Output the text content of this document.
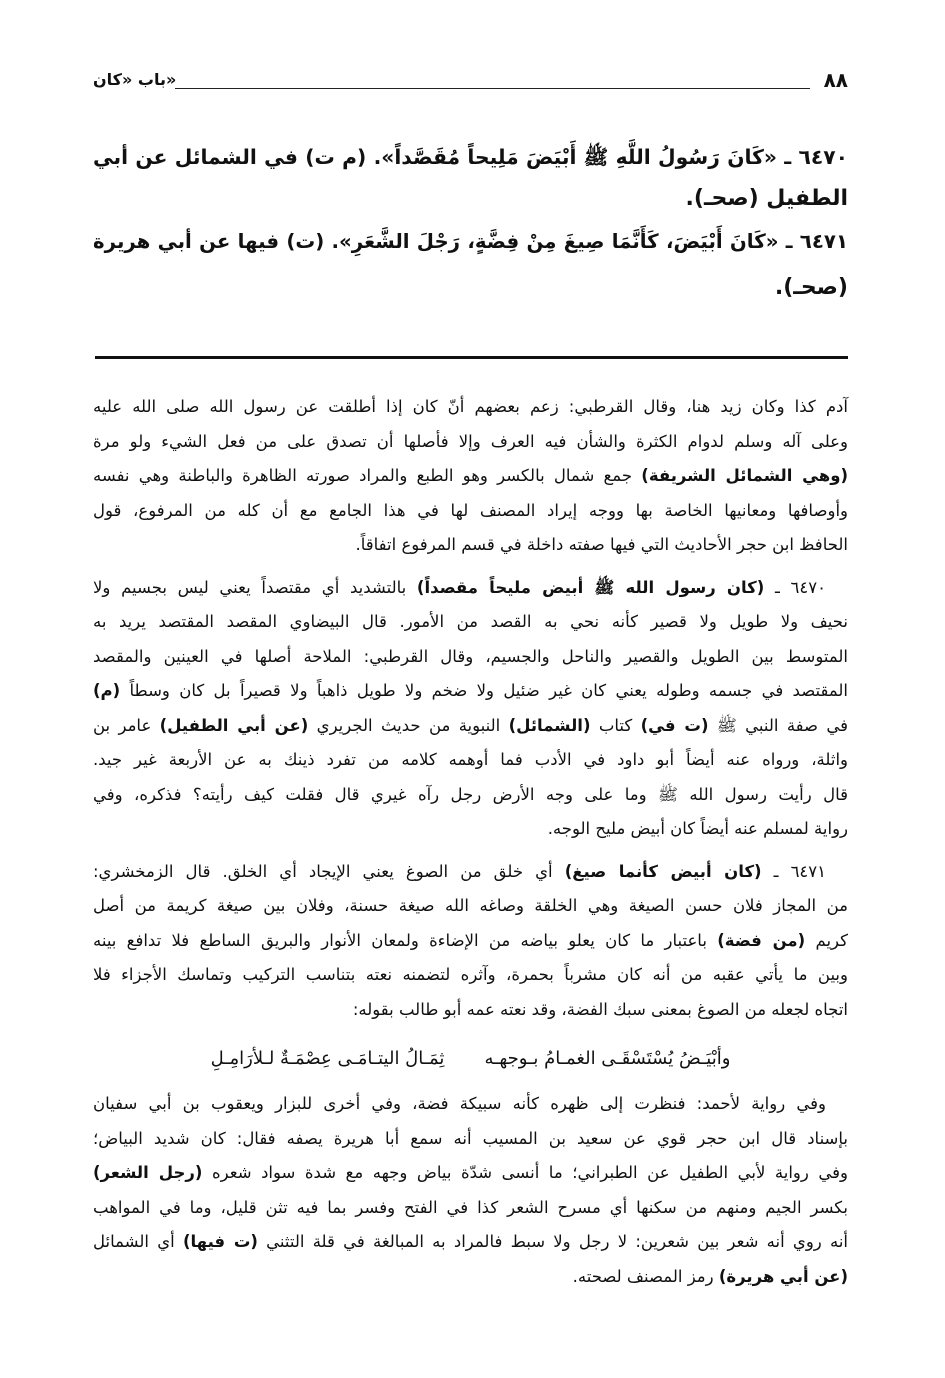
٨٨
باب «كان»
٦٤٧٠ ـ «كَانَ رَسُولُ اللَّهِ ﷺ أَبْيَضَ مَلِيحاً مُقَصَّداً». (م ت) في الشمائل عن أبي
الطفيل (صحـ).
٦٤٧١ ـ «كَانَ أَبْيَضَ، كَأَنَّمَا صِيغَ مِنْ فِضَّةٍ، رَجْلَ الشَّعَرِ». (ت) فيها عن أبي هريرة
(صحـ).
آدم كذا وكان زيد هنا، وقال القرطبي: زعم بعضهم أنّ كان إذا أطلقت عن رسول الله صلى الله عليه
وعلى آله وسلم لدوام الكثرة والشأن فيه العرف وإلا فأصلها أن تصدق على من فعل الشيء ولو مرة
(وهي الشمائل الشريفة) جمع شمال بالكسر وهو الطبع والمراد صورته الظاهرة والباطنة وهي نفسه
وأوصافها ومعانيها الخاصة بها ووجه إيراد المصنف لها في هذا الجامع مع أن كله من المرفوع، قول
الحافظ ابن حجر الأحاديث التي فيها صفته داخلة في قسم المرفوع اتفاقاً.
٦٤٧٠ ـ (كان رسول الله ﷺ أبيض مليحاً مقصداً) بالتشديد أي مقتصداً يعني ليس بجسيم ولا
نحيف ولا طويل ولا قصير كأنه نحي به القصد من الأمور. قال البيضاوي المقصد المقتصد يريد به
المتوسط بين الطويل والقصير والناحل والجسيم، وقال القرطبي: الملاحة أصلها في العينين والمقصد
المقتصد في جسمه وطوله يعني كان غير ضئيل ولا ضخم ولا طويل ذاهباً ولا قصيراً بل كان وسطاً (م)
في صفة النبي ﷺ (ت في) كتاب (الشمائل) النبوية من حديث الجريري (عن أبي الطفيل) عامر بن
واثلة، ورواه عنه أيضاً أبو داود في الأدب فما أوهمه كلامه من تفرد ذينك به عن الأربعة غير جيد.
قال رأيت رسول الله ﷺ وما على وجه الأرض رجل رآه غيري قال فقلت كيف رأيته؟ فذكره، وفي
رواية لمسلم عنه أيضاً كان أبيض مليح الوجه.
٦٤٧١ ـ (كان أبيض كأنما صيغ) أي خلق من الصوغ يعني الإيجاد أي الخلق. قال الزمخشري:
من المجاز فلان حسن الصيغة وهي الخلقة وصاغه الله صيغة حسنة، وفلان بين صيغة كريمة من أصل
كريم (من فضة) باعتبار ما كان يعلو بياضه من الإضاءة ولمعان الأنوار والبريق الساطع فلا تدافع بينه
وبين ما يأتي عقبه من أنه كان مشرباً بحمرة، وآثره لتضمنه نعته بتناسب التركيب وتماسك الأجزاء فلا
اتجاه لجعله من الصوغ بمعنى سبك الفضة، وقد نعته عمه أبو طالب بقوله:
وأبْيَـضُ يُسْتَسْقَـى الغمـامُ بـوجهـه
ثِمَـالُ اليتـامَـى عِصْمَـةٌ لـلأرَامِـلِ
وفي رواية لأحمد: فنظرت إلى ظهره كأنه سبيكة فضة، وفي أخرى للبزار ويعقوب بن أبي سفيان
بإسناد قال ابن حجر قوي عن سعيد بن المسيب أنه سمع أبا هريرة يصفه فقال: كان شديد البياض؛
وفي رواية لأبي الطفيل عن الطبراني؛ ما أنسى شدّة بياض وجهه مع شدة سواد شعره (رجل الشعر)
بكسر الجيم ومنهم من سكنها أي مسرح الشعر كذا في الفتح وفسر بما فيه تثن قليل، وما في المواهب
أنه روي أنه شعر بين شعرين: لا رجل ولا سبط فالمراد به المبالغة في قلة التثني (ت فيها) أي الشمائل
(عن أبي هريرة) رمز المصنف لصحته.
